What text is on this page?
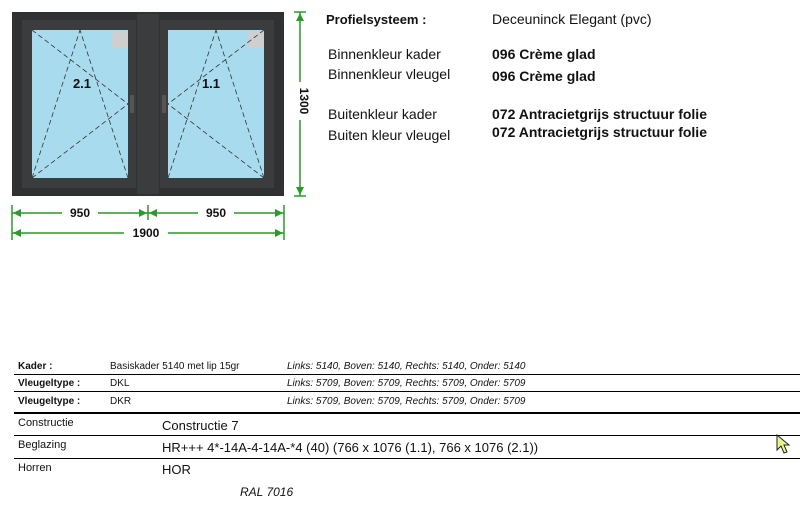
2.1	1.1
1300
950	950
1900
Profielsysteem :	Deceuninck Elegant (pvc)
Binnenkleur kader	096 Crème glad
Binnenkleur vleugel	096 Crème glad
Buitenkleur kader	072 Antracietgrijs structuur folie
Buiten kleur vleugel	072 Antracietgrijs structuur folie
Kader :	Basiskader 5140 met lip 15gr	Links: 5140, Boven: 5140, Rechts: 5140, Onder: 5140
Vleugeltype :	DKL	Links: 5709, Boven: 5709, Rechts: 5709, Onder: 5709
Vleugeltype :	DKR	Links: 5709, Boven: 5709, Rechts: 5709, Onder: 5709
Constructie	Constructie 7
Beglazing	HR+++ 4*-14A-4-14A-*4 (40) (766 x 1076 (1.1), 766 x 1076 (2.1))
Horren	HOR
RAL 7016
